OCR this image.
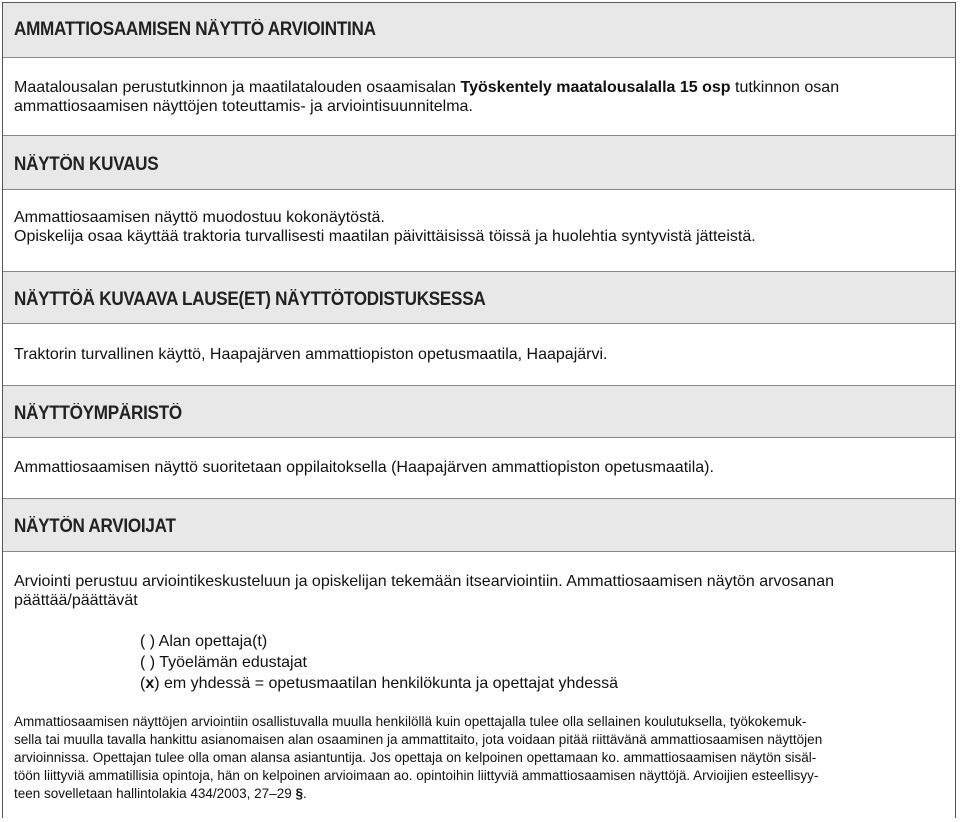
AMMATTIOSAAMISEN NÄYTTÖ ARVIOINTINA
Maatalousalan perustutkinnon ja maatilatalouden osaamisalan Työskentely maatalousalalla 15 osp tutkinnon osan
ammattiosaamisen näyttöjen toteuttamis- ja arviointisuunnitelma.
NÄYTÖN KUVAUS
Ammattiosaamisen näyttö muodostuu kokonäytöstä.
Opiskelija osaa käyttää traktoria turvallisesti maatilan päivittäisissä töissä ja huolehtia syntyvistä jätteistä.
NÄYTTÖÄ KUVAAVA LAUSE(ET) NÄYTTÖTODISTUKSESSA
Traktorin turvallinen käyttö, Haapajärven ammattiopiston opetusmaatila, Haapajärvi.
NÄYTTÖYMPÄRISTÖ
Ammattiosaamisen näyttö suoritetaan oppilaitoksella (Haapajärven ammattiopiston opetusmaatila).
NÄYTÖN ARVIOIJAT
Arviointi perustuu arviointikeskusteluun ja opiskelijan tekemään itsearviointiin. Ammattiosaamisen näytön arvosanan
päättää/päättävät
( ) Alan opettaja(t)
( ) Työelämän edustajat
(x) em yhdessä = opetusmaatilan henkilökunta ja opettajat yhdessä
Ammattiosaamisen näyttöjen arviointiin osallistuvalla muulla henkilöllä kuin opettajalla tulee olla sellainen koulutuksella, työkokemuk-
sella tai muulla tavalla hankittu asianomaisen alan osaaminen ja ammattitaito, jota voidaan pitää riittävänä ammattiosaamisen näyttöjen
arvioinnissa. Opettajan tulee olla oman alansa asiantuntija. Jos opettaja on kelpoinen opettamaan ko. ammattiosaamisen näytön sisäl-
töön liittyviä ammatillisia opintoja, hän on kelpoinen arvioimaan ao. opintoihin liittyviä ammattiosaamisen näyttöjä. Arvioijien esteellisyy-
teen sovelletaan hallintolakia 434/2003, 27–29 §.
